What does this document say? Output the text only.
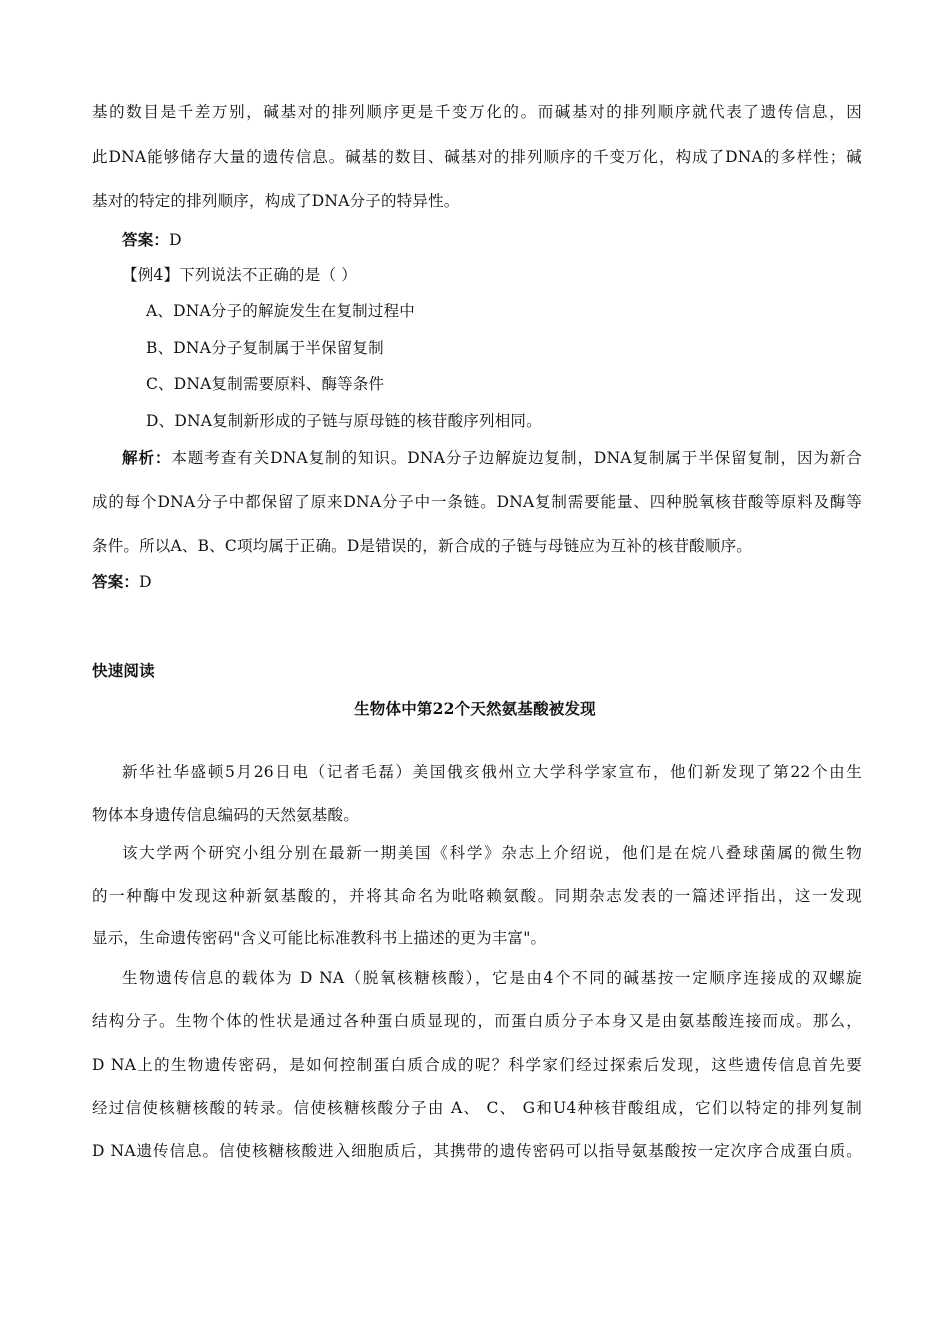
基的数目是千差万别，碱基对的排列顺序更是千变万化的。而碱基对的排列顺序就代表了遗传信息，因
此DNA能够储存大量的遗传信息。碱基的数目、碱基对的排列顺序的千变万化，构成了DNA的多样性；碱
基对的特定的排列顺序，构成了DNA分子的特异性。
答案：D
【例4】下列说法不正确的是（ ）
A、DNA分子的解旋发生在复制过程中
B、DNA分子复制属于半保留复制
C、DNA复制需要原料、酶等条件
D、DNA复制新形成的子链与原母链的核苷酸序列相同。
解析：本题考查有关DNA复制的知识。DNA分子边解旋边复制，DNA复制属于半保留复制，因为新合
成的每个DNA分子中都保留了原来DNA分子中一条链。DNA复制需要能量、四种脱氧核苷酸等原料及酶等
条件。所以A、B、C项均属于正确。D是错误的，新合成的子链与母链应为互补的核苷酸顺序。
答案：D
快速阅读
生物体中第22个天然氨基酸被发现
新华社华盛顿5月26日电（记者毛磊）美国俄亥俄州立大学科学家宣布，他们新发现了第22个由生
物体本身遗传信息编码的天然氨基酸。
该大学两个研究小组分别在最新一期美国《科学》杂志上介绍说，他们是在烷八叠球菌属的微生物
的一种酶中发现这种新氨基酸的，并将其命名为吡咯赖氨酸。同期杂志发表的一篇述评指出，这一发现
显示，生命遗传密码"含义可能比标准教科书上描述的更为丰富"。
生物遗传信息的载体为 D NA（脱氧核糖核酸），它是由4个不同的碱基按一定顺序连接成的双螺旋
结构分子。生物个体的性状是通过各种蛋白质显现的，而蛋白质分子本身又是由氨基酸连接而成。那么，
D NA上的生物遗传密码，是如何控制蛋白质合成的呢？科学家们经过探索后发现，这些遗传信息首先要
经过信使核糖核酸的转录。信使核糖核酸分子由 A、 C、 G和U4种核苷酸组成，它们以特定的排列复制
D NA遗传信息。信使核糖核酸进入细胞质后，其携带的遗传密码可以指导氨基酸按一定次序合成蛋白质。
